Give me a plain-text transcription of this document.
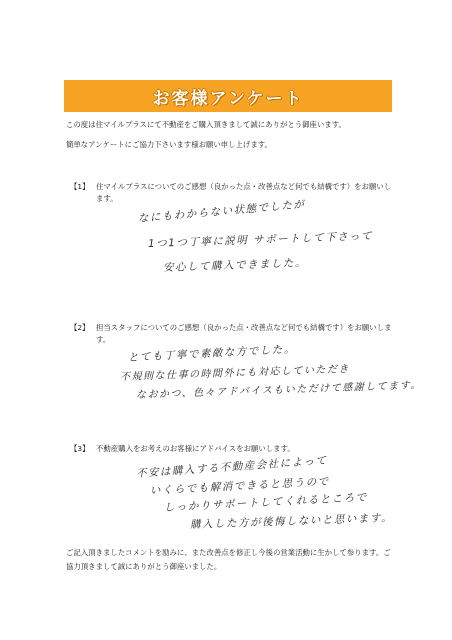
お客様アンケート
この度は住マイルプラスにて不動産をご購入頂きまして誠にありがとう御座います。
簡単なアンケートにご協力下さいます様お願い申し上げます。
【1】 住マイルプラスについてのご感想（良かった点・改善点など何でも結構です）をお願いします。	なにもわからない状態でしたが
1つ1つ丁寧に説明 サポートして下さって
安心して購入できました。
【2】 担当スタッフについてのご感想（良かった点・改善点など何でも結構です）をお願いします。
とても丁寧で素敵な方でした。
不規則な仕事の時間外にも対応していただき
なおかつ、色々アドバイスもいただけて感謝してます。
【3】 不動産購入をお考えのお客様にアドバイスをお願いします。
不安は購入する不動産会社によって
いくらでも解消できると思うので
しっかりサポートしてくれるところで
購入した方が後悔しないと思います。
ご記入頂きましたコメントを励みに、また改善点を修正し今後の営業活動に生かして参ります。ご協力頂きまして誠にありがとう御座いました。
